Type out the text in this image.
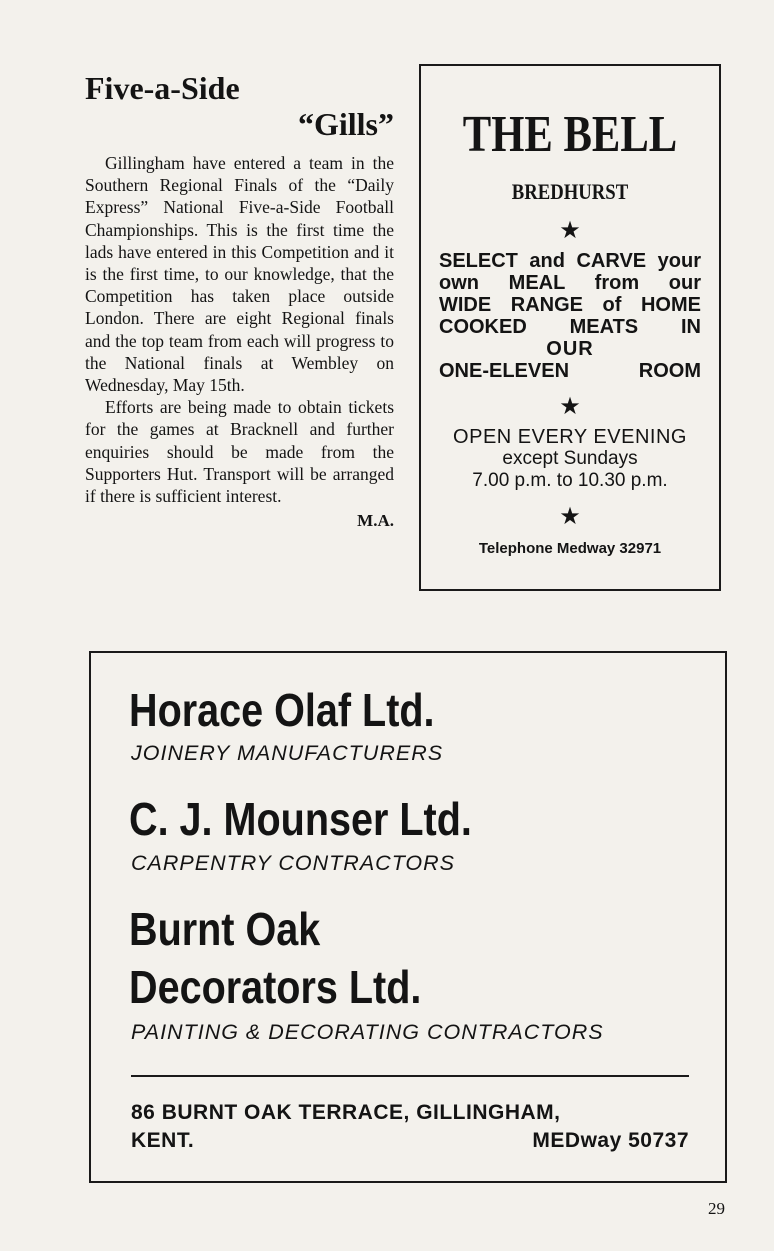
Five-a-Side
“Gills”

Gillingham have entered a team in the Southern Regional Finals of the “Daily Express” National Five-a-Side Football Championships. This is the first time the lads have entered in this Competition and it is the first time, to our knowledge, that the Competition has taken place outside London. There are eight Regional finals and the top team from each will progress to the National finals at Wembley on Wednesday, May 15th.

Efforts are being made to obtain tickets for the games at Bracknell and further enquiries should be made from the Supporters Hut. Transport will be arranged if there is sufficient interest.

M.A.
THE BELL
BREDHURST
★
SELECT and CARVE your
own MEAL from our
WIDE RANGE of HOME
COOKED MEATS IN
OUR
ONE-ELEVEN ROOM
★
OPEN EVERY EVENING
except Sundays
7.00 p.m. to 10.30 p.m.
★
Telephone Medway 32971
Horace Olaf Ltd.
JOINERY MANUFACTURERS
C. J. Mounser Ltd.
CARPENTRY CONTRACTORS
Burnt Oak
Decorators Ltd.
PAINTING & DECORATING CONTRACTORS
86 BURNT OAK TERRACE, GILLINGHAM,
KENT.	MEDway 50737
29
